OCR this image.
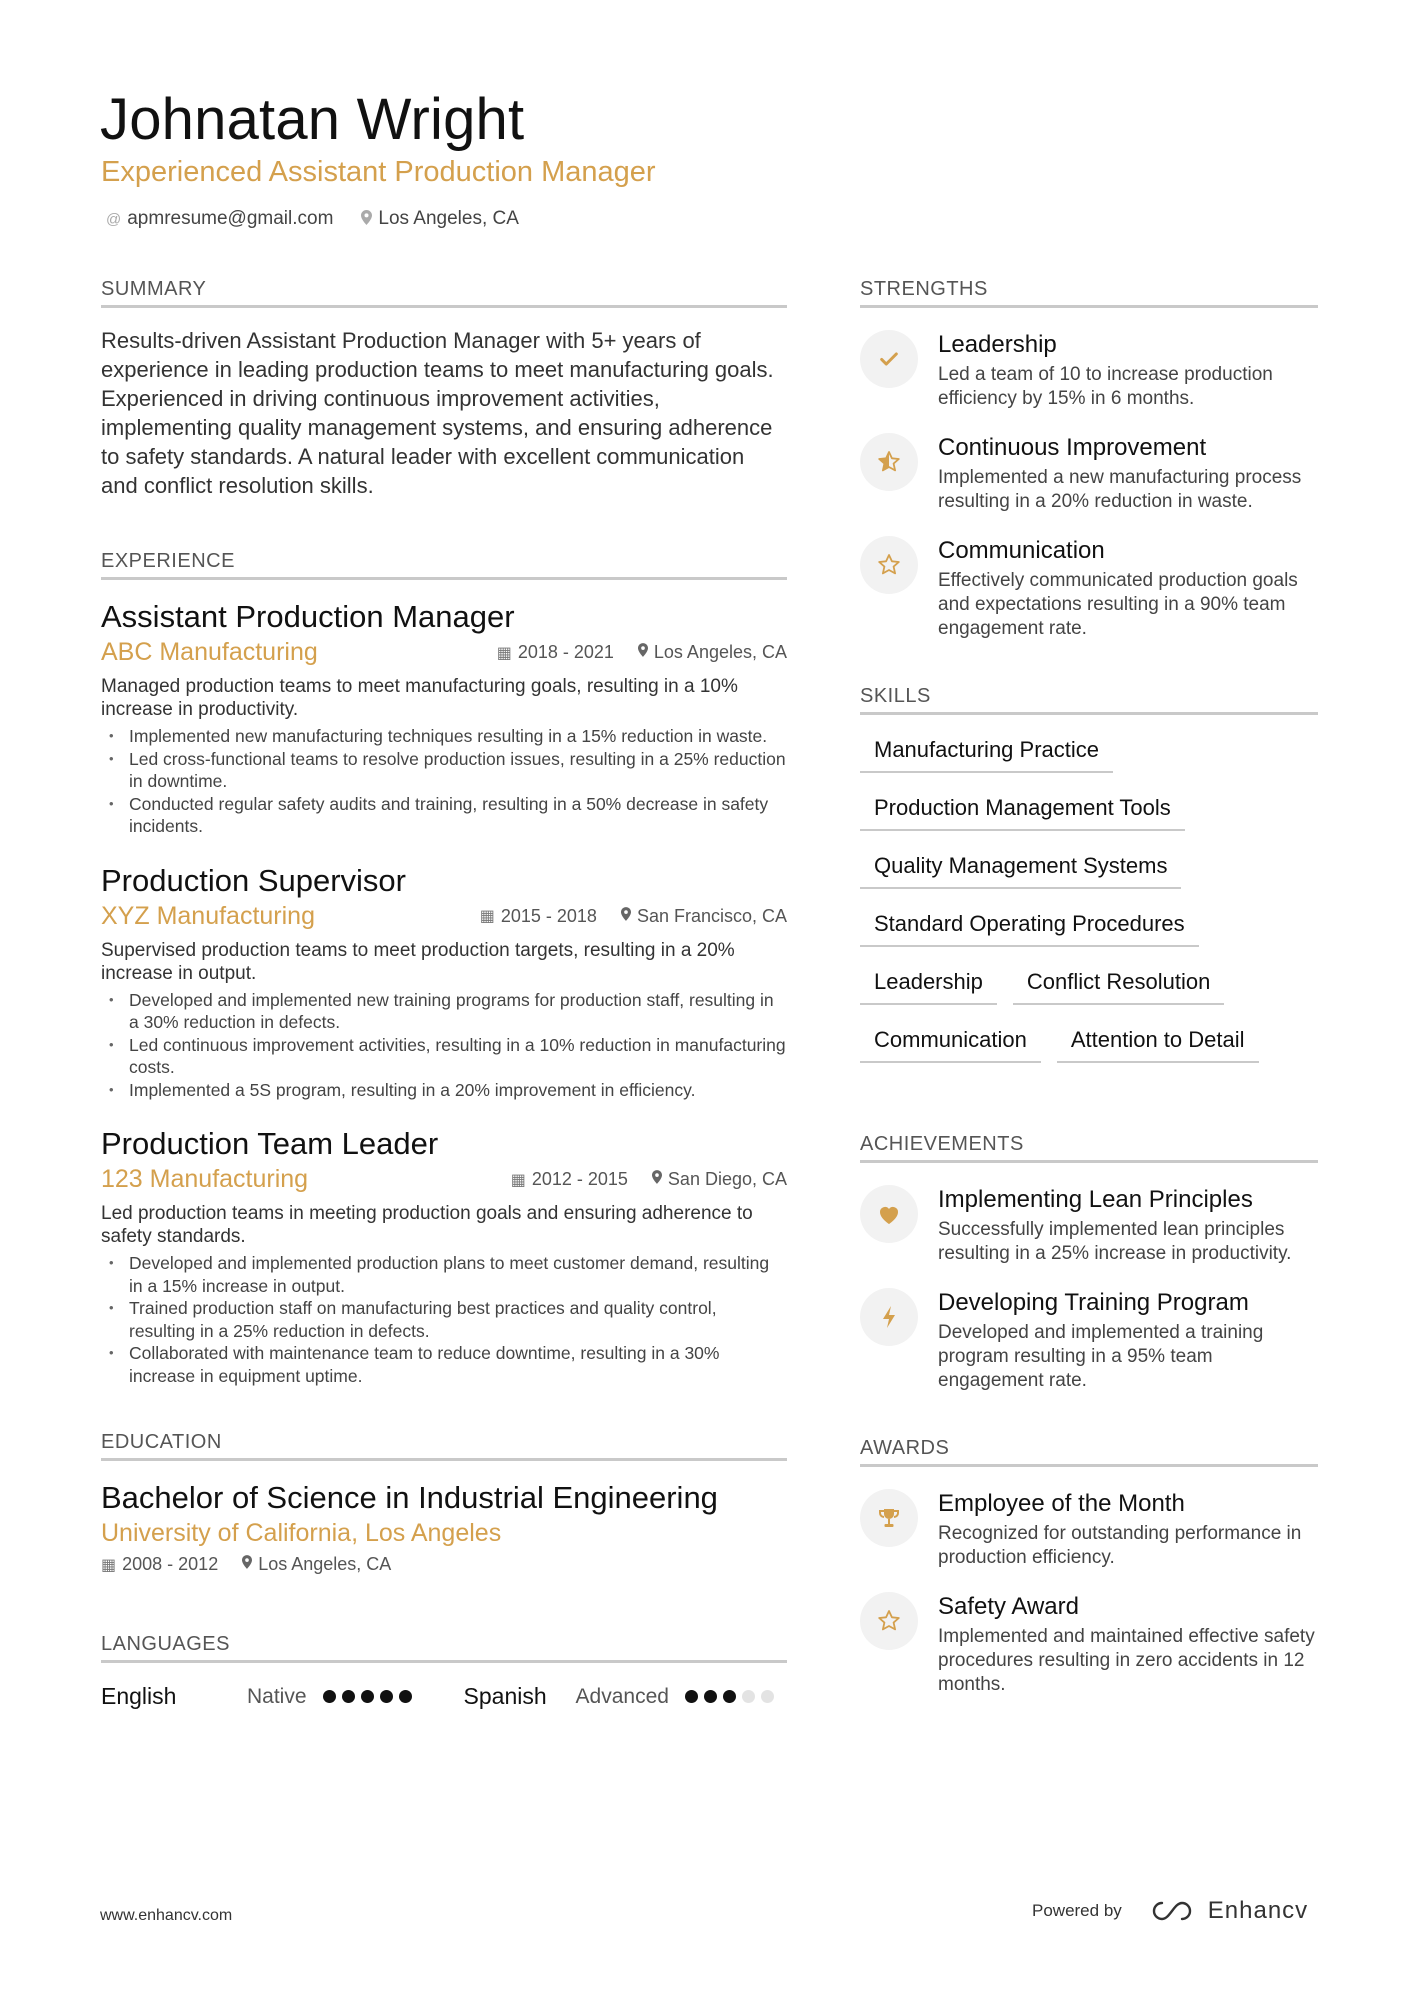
Johnatan Wright
Experienced Assistant Production Manager
@ apmresume@gmail.com Los Angeles, CA
SUMMARY

Results-driven Assistant Production Manager with 5+ years of experience in leading production teams to meet manufacturing goals. Experienced in driving continuous improvement activities, implementing quality management systems, and ensuring adherence to safety standards. A natural leader with excellent communication and conflict resolution skills.

EXPERIENCE
Assistant Production Manager
ABC Manufacturing	▦ 2018 - 2021 Los Angeles, CA

Managed production teams to meet manufacturing goals, resulting in a 10% increase in productivity.

• Implemented new manufacturing techniques resulting in a 15% reduction in waste.
• Led cross-functional teams to resolve production issues, resulting in a 25% reduction in downtime.
• Conducted regular safety audits and training, resulting in a 50% decrease in safety incidents.
Production Supervisor
XYZ Manufacturing	▦ 2015 - 2018 San Francisco, CA

Supervised production teams to meet production targets, resulting in a 20% increase in output.

• Developed and implemented new training programs for production staff, resulting in a 30% reduction in defects.
• Led continuous improvement activities, resulting in a 10% reduction in manufacturing costs.
• Implemented a 5S program, resulting in a 20% improvement in efficiency.
Production Team Leader
123 Manufacturing	▦ 2012 - 2015 San Diego, CA

Led production teams in meeting production goals and ensuring adherence to safety standards.

• Developed and implemented production plans to meet customer demand, resulting in a 15% increase in output.
• Trained production staff on manufacturing best practices and quality control, resulting in a 25% reduction in defects.
• Collaborated with maintenance team to reduce downtime, resulting in a 30% increase in equipment uptime.
EDUCATION
Bachelor of Science in Industrial Engineering
University of California, Los Angeles
▦ 2008 - 2012 Los Angeles, CA
LANGUAGES
English	Native	Spanish	Advanced
STRENGTHS
Leadership
Led a team of 10 to increase production efficiency by 15% in 6 months.
Continuous Improvement
Implemented a new manufacturing process resulting in a 20% reduction in waste.
Communication
Effectively communicated production goals and expectations resulting in a 90% team engagement rate.
SKILLS
Manufacturing Practice
Production Management Tools
Quality Management Systems
Standard Operating Procedures
Leadership	Conflict Resolution
Communication	Attention to Detail
ACHIEVEMENTS
Implementing Lean Principles
Successfully implemented lean principles resulting in a 25% increase in productivity.
Developing Training Program
Developed and implemented a training program resulting in a 95% team engagement rate.
AWARDS
Employee of the Month
Recognized for outstanding performance in production efficiency.
Safety Award
Implemented and maintained effective safety procedures resulting in zero accidents in 12 months.
www.enhancv.com	Powered by	Enhancv
